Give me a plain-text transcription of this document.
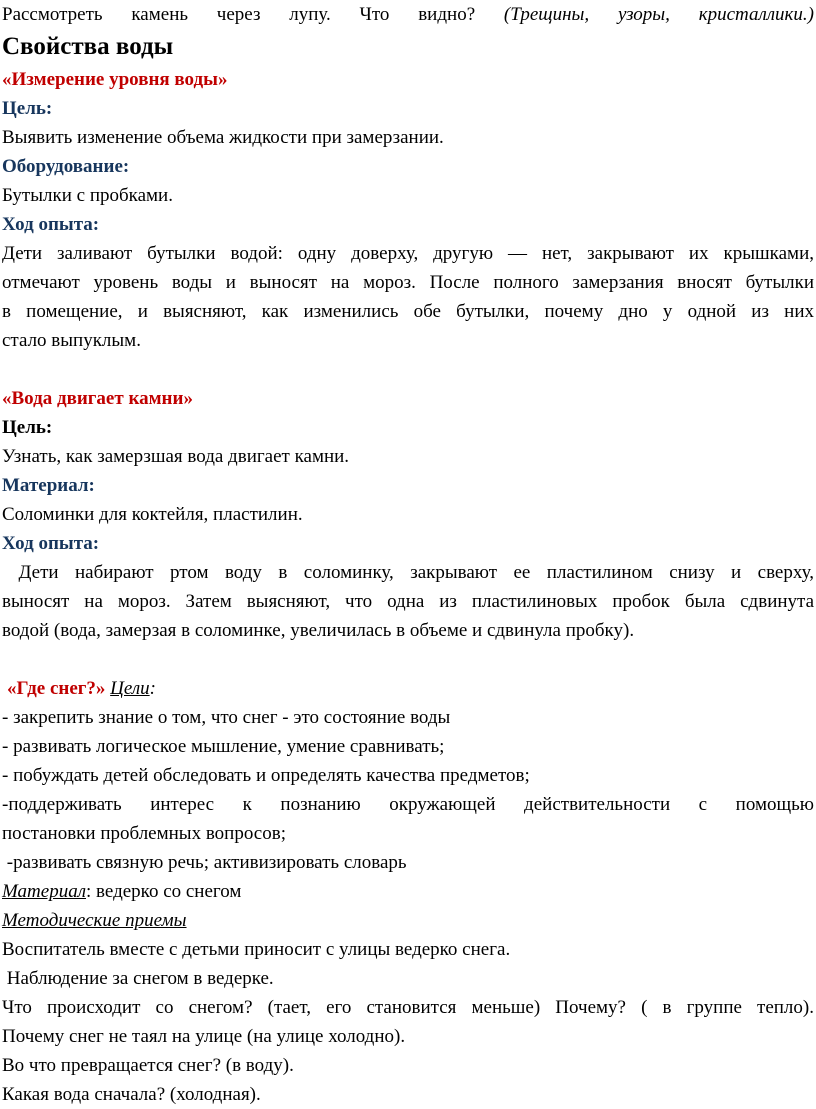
Рассмотреть камень через лупу. Что видно? (Трещины, узоры, кристаллики.)

Свойства воды

«Измерение уровня воды»

Цель:

Выявить изменение объема жидкости при замерзании.

Оборудование:

Бутылки с пробками.

Ход опыта:

Дети заливают бутылки водой: одну доверху, другую — нет, закрывают их крышками,

отмечают уровень воды и выносят на мороз. После полного замерзания вносят бутылки

в помещение, и выясняют, как изменились обе бутылки, почему дно у одной из них

стало выпуклым.

«Вода двигает камни»

Цель:

Узнать, как замерзшая вода двигает камни.

Материал:

Соломинки для коктейля, пластилин.

Ход опыта:

Дети набирают ртом воду в соломинку, закрывают ее пластилином снизу и сверху,

выносят на мороз. Затем выясняют, что одна из пластилиновых пробок была сдвинута

водой (вода, замерзая в соломинке, увеличилась в объеме и сдвинула пробку).

«Где снег?» Цели:

- закрепить знание о том, что снег - это состояние воды

- развивать логическое мышление, умение сравнивать;

- побуждать детей обследовать и определять качества предметов;

-поддерживать интерес к познанию окружающей действительности с помощью

постановки проблемных вопросов;

-развивать связную речь; активизировать словарь

Материал: ведерко со снегом

Методические приемы

Воспитатель вместе с детьми приносит с улицы ведерко снега.

Наблюдение за снегом в ведерке.

Что происходит со снегом? (тает, его становится меньше) Почему? ( в группе тепло).

Почему снег не таял на улице (на улице холодно).

Во что превращается снег? (в воду).

Какая вода сначала? (холодная).
